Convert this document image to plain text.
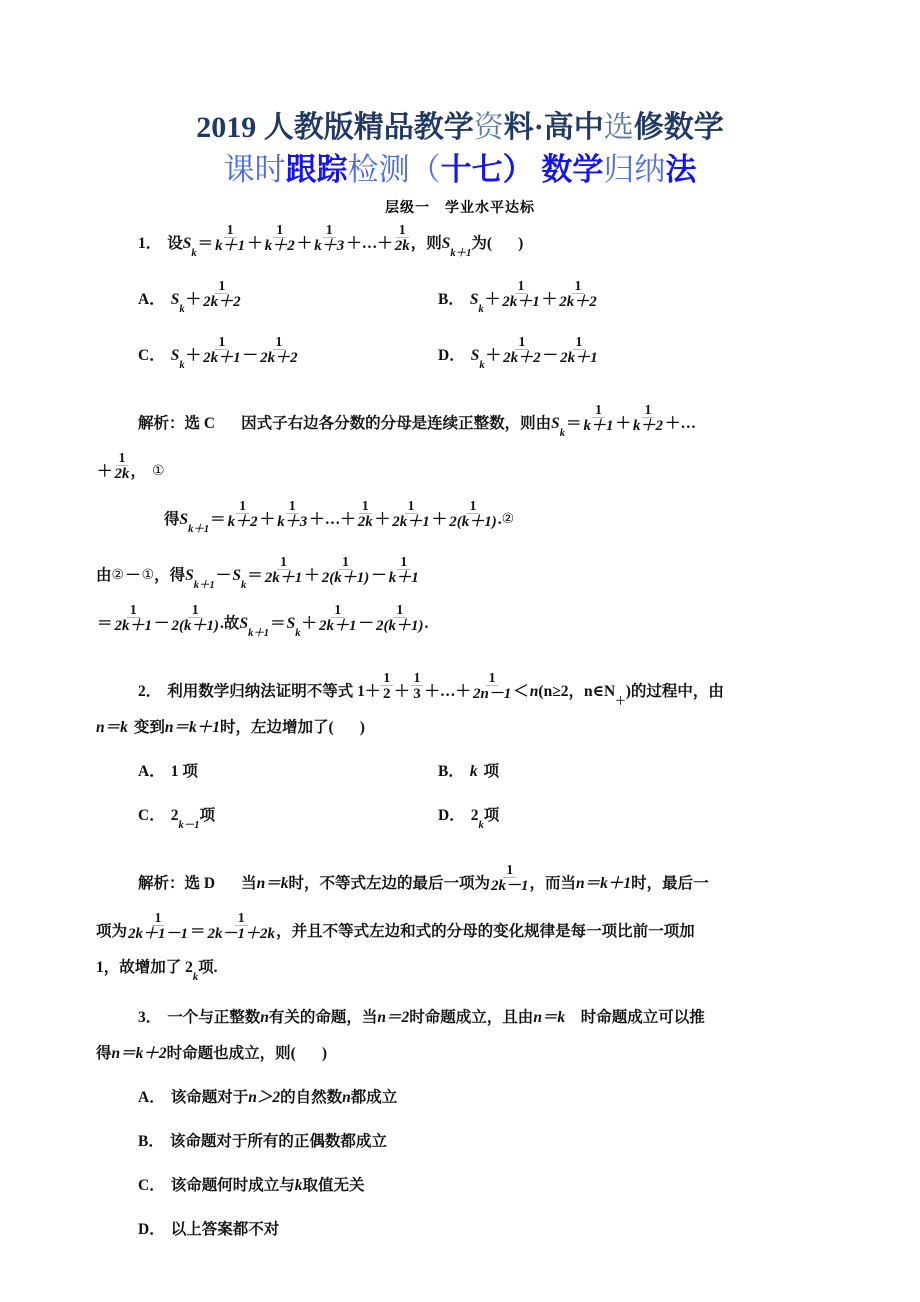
2019 人教版精品教学资料·高中选修数学
课时跟踪检测（十七） 数学归纳法
层级一　学业水平达标
1． 设 S
k
＝ $\frac{1}{k+1} + \frac{1}{k+2} + \frac{1}{k+3}$ ＋…＋ $\frac{1}{2k}$ ，则 S
k＋1
为( )
A． S
k
＋ $\frac{1}{2k+2}$	B． S
k
＋ $\frac{1}{2k+1} + \frac{1}{2k+2}$
C． S
k
＋ $\frac{1}{2k+1} - \frac{1}{2k+2}$	D． S
k
＋ $\frac{1}{2k+2} - \frac{1}{2k+1}$
解析：选 C 因式子右边各分数的分母是连续正整数，则由 S
k
＝ $\frac{1}{k+1} + \frac{1}{k+2}$ ＋…
＋ $\frac{1}{2k}$ ， ①
得 S
k＋1
＝ $\frac{1}{k+2} + \frac{1}{k+3}$ ＋…＋ $\frac{1}{2k} + \frac{1}{2k+1} + \frac{1}{2(k+1)}$ . ②
由 ② － ① ，得 S
k＋1
－ S
k
＝ $\frac{1}{2k+1} + \frac{1}{2(k+1)} - \frac{1}{k+1}$
＝ $\frac{1}{2k+1} - \frac{1}{2(k+1)}$ . 故 S
k＋1
＝ S
k
＋ $\frac{1}{2k+1} - \frac{1}{2(k+1)}$ .
2． 利用数学归纳法证明不等式 $1+ \frac{1}{2} + \frac{1}{3}$ ＋…＋ $\frac{1}{2n-1} < n$ (n≥2，n∈N
＋
)的过程中，由
n＝k 变到 n＝k＋1 时，左边增加了( )
A． 1 项	B． k 项
C． 2
k－1
项	D． 2
k
项
解析：选 D 当 n＝k 时，不等式左边的最后一项为 $\frac{1}{2k-1}$ ，而当 n＝k＋1 时，最后一
项为 $\frac{1}{2k+1-1} = \frac{1}{2k-1+2k}$ ，并且不等式左边和式的分母的变化规律是每一项比前一项加
1，故增加了 2
k
项.
3． 一个与正整数 n 有关的命题，当 n＝2 时命题成立，且由 n＝k 　时命题成立可以推
得 n＝k＋2 时命题也成立，则( )
A． 该命题对于 n＞2 的自然数 n 都成立
B． 该命题对于所有的正偶数都成立
C． 该命题何时成立与 k 取值无关
D． 以上答案都不对
